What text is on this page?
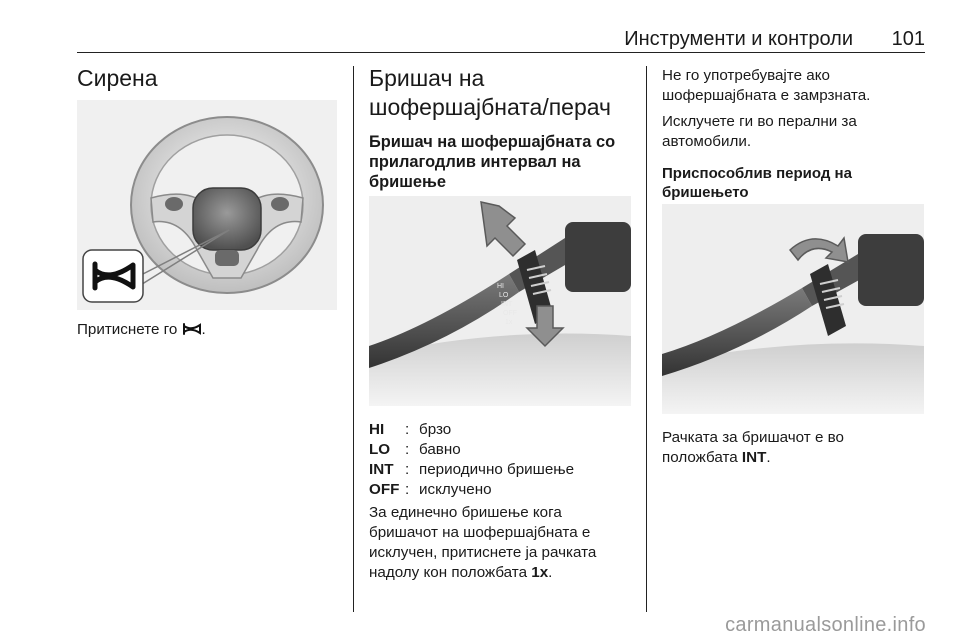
Инструменти и контроли 101
Сирена

Притиснете го .

Бришач на
шофершајбната/перач
Бришач на шофершајбната со
прилагодлив интервал на
бришење
HI
LO
INT
OFF
1x
HI	: брзо
LO : бавно
INT : периодично бришење
OFF : исклучено

За единечно бришење кога

бришачот на шофершајбната е

исклучен, притиснете ја рачката

надолу кон положбата 1x.

Не го употребувајте ако

шофершајбната е замрзната.

Исклучете ги во перални за

автомобили.

Приспособлив период на
бришењето

Рачката за бришачот е во

положбата INT.

carmanualsonline.info
